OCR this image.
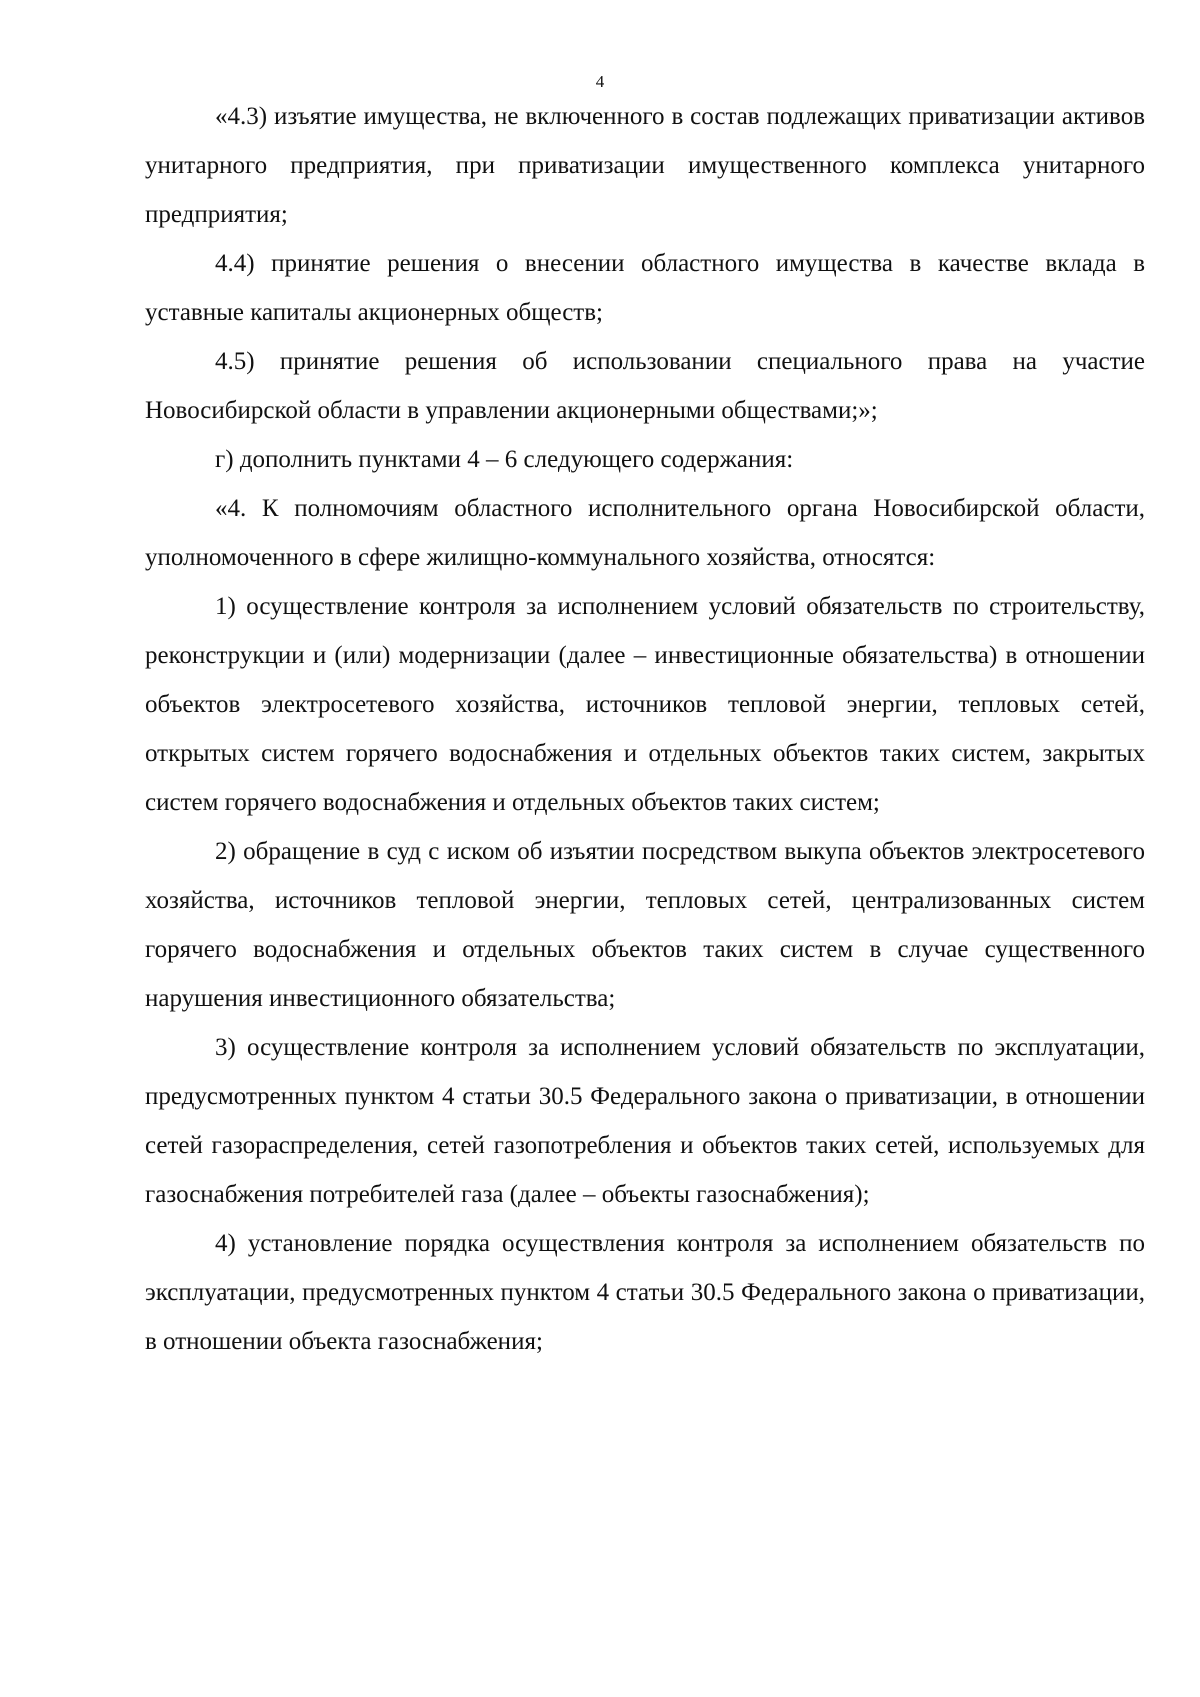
4

«4.3) изъятие имущества, не включенного в состав подлежащих приватизации активов унитарного предприятия, при приватизации имущественного комплекса унитарного предприятия;

4.4) принятие решения о внесении областного имущества в качестве вклада в уставные капиталы акционерных обществ;

4.5) принятие решения об использовании специального права на участие Новосибирской области в управлении акционерными обществами;»;

г) дополнить пунктами 4 – 6 следующего содержания:

«4. К полномочиям областного исполнительного органа Новосибирской области, уполномоченного в сфере жилищно-коммунального хозяйства, относятся:

1) осуществление контроля за исполнением условий обязательств по строительству, реконструкции и (или) модернизации (далее – инвестиционные обязательства) в отношении объектов электросетевого хозяйства, источников тепловой энергии, тепловых сетей, открытых систем горячего водоснабжения и отдельных объектов таких систем, закрытых систем горячего водоснабжения и отдельных объектов таких систем;

2) обращение в суд с иском об изъятии посредством выкупа объектов электросетевого хозяйства, источников тепловой энергии, тепловых сетей, централизованных систем горячего водоснабжения и отдельных объектов таких систем в случае существенного нарушения инвестиционного обязательства;

3) осуществление контроля за исполнением условий обязательств по эксплуатации, предусмотренных пунктом 4 статьи 30.5 Федерального закона о приватизации, в отношении сетей газораспределения, сетей газопотребления и объектов таких сетей, используемых для газоснабжения потребителей газа (далее – объекты газоснабжения);

4) установление порядка осуществления контроля за исполнением обязательств по эксплуатации, предусмотренных пунктом 4 статьи 30.5 Федерального закона о приватизации, в отношении объекта газоснабжения;
